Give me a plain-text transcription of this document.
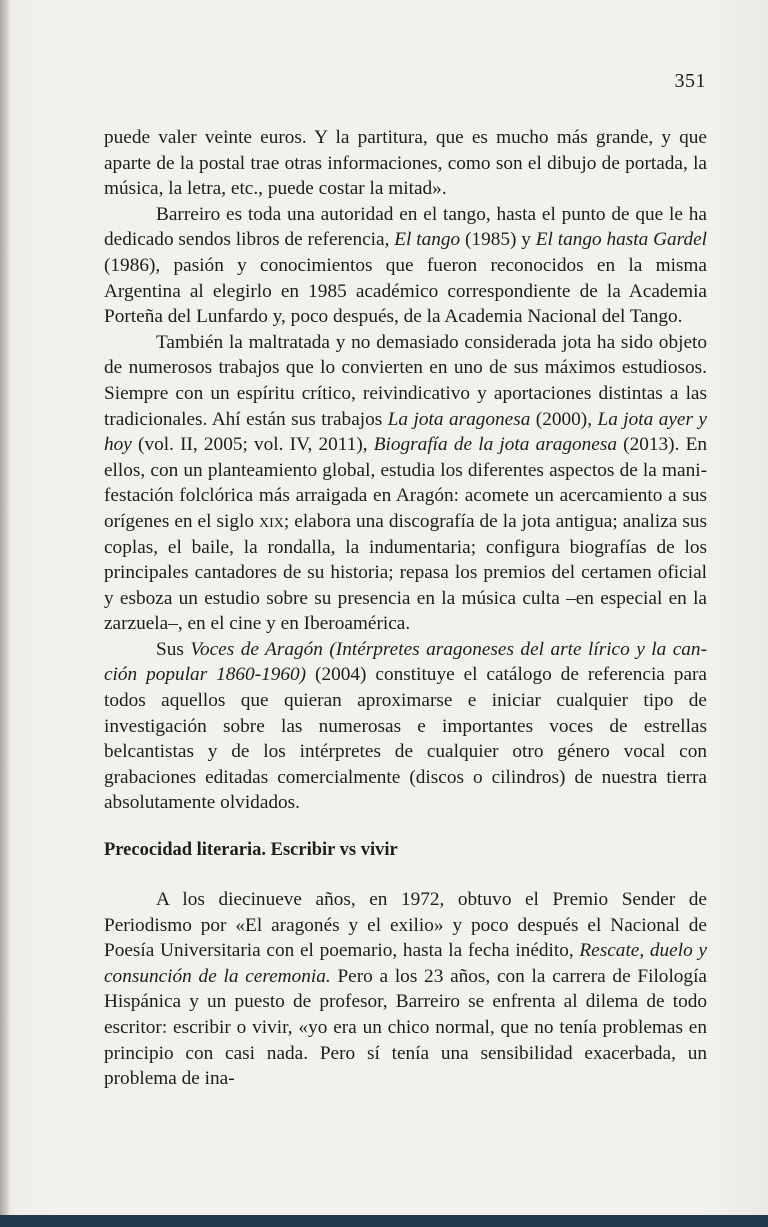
351

puede valer veinte euros. Y la partitura, que es mucho más grande, y que aparte de la postal trae otras informaciones, como son el dibujo de portada, la música, la letra, etc., puede costar la mitad».

Barreiro es toda una autoridad en el tango, hasta el punto de que le ha dedicado sendos libros de referencia, El tango (1985) y El tango hasta Gardel (1986), pasión y conocimientos que fueron reconocidos en la misma Argentina al elegirlo en 1985 académico correspondiente de la Academia Porteña del Lunfardo y, poco después, de la Academia Nacional del Tango.

También la maltratada y no demasiado considerada jota ha sido objeto de numerosos trabajos que lo convierten en uno de sus máximos estudiosos. Siempre con un espíritu crítico, reivindicativo y aportaciones distintas a las tradicionales. Ahí están sus trabajos La jota aragonesa (2000), La jota ayer y hoy (vol. II, 2005; vol. IV, 2011), Biografía de la jota aragonesa (2013). En ellos, con un planteamiento global, estudia los diferentes aspectos de la manifestación folclórica más arraigada en Aragón: acomete un acercamiento a sus orígenes en el siglo xix; elabora una discografía de la jota antigua; analiza sus coplas, el baile, la rondalla, la indumentaria; configura biografías de los principales cantadores de su historia; repasa los premios del certamen oficial y esboza un estudio sobre su presencia en la música culta –en especial en la zarzuela–, en el cine y en Iberoamérica.

Sus Voces de Aragón (Intérpretes aragoneses del arte lírico y la canción popular 1860-1960) (2004) constituye el catálogo de referencia para todos aquellos que quieran aproximarse e iniciar cualquier tipo de investigación sobre las numerosas e importantes voces de estrellas belcantistas y de los intérpretes de cualquier otro género vocal con grabaciones editadas comercialmente (discos o cilindros) de nuestra tierra absolutamente olvidados.

Precocidad literaria. Escribir vs vivir

A los diecinueve años, en 1972, obtuvo el Premio Sender de Periodismo por «El aragonés y el exilio» y poco después el Nacional de Poesía Universitaria con el poemario, hasta la fecha inédito, Rescate, duelo y consunción de la ceremonia. Pero a los 23 años, con la carrera de Filología Hispánica y un puesto de profesor, Barreiro se enfrenta al dilema de todo escritor: escribir o vivir, «yo era un chico normal, que no tenía problemas en principio con casi nada. Pero sí tenía una sensibilidad exacerbada, un problema de ina-
